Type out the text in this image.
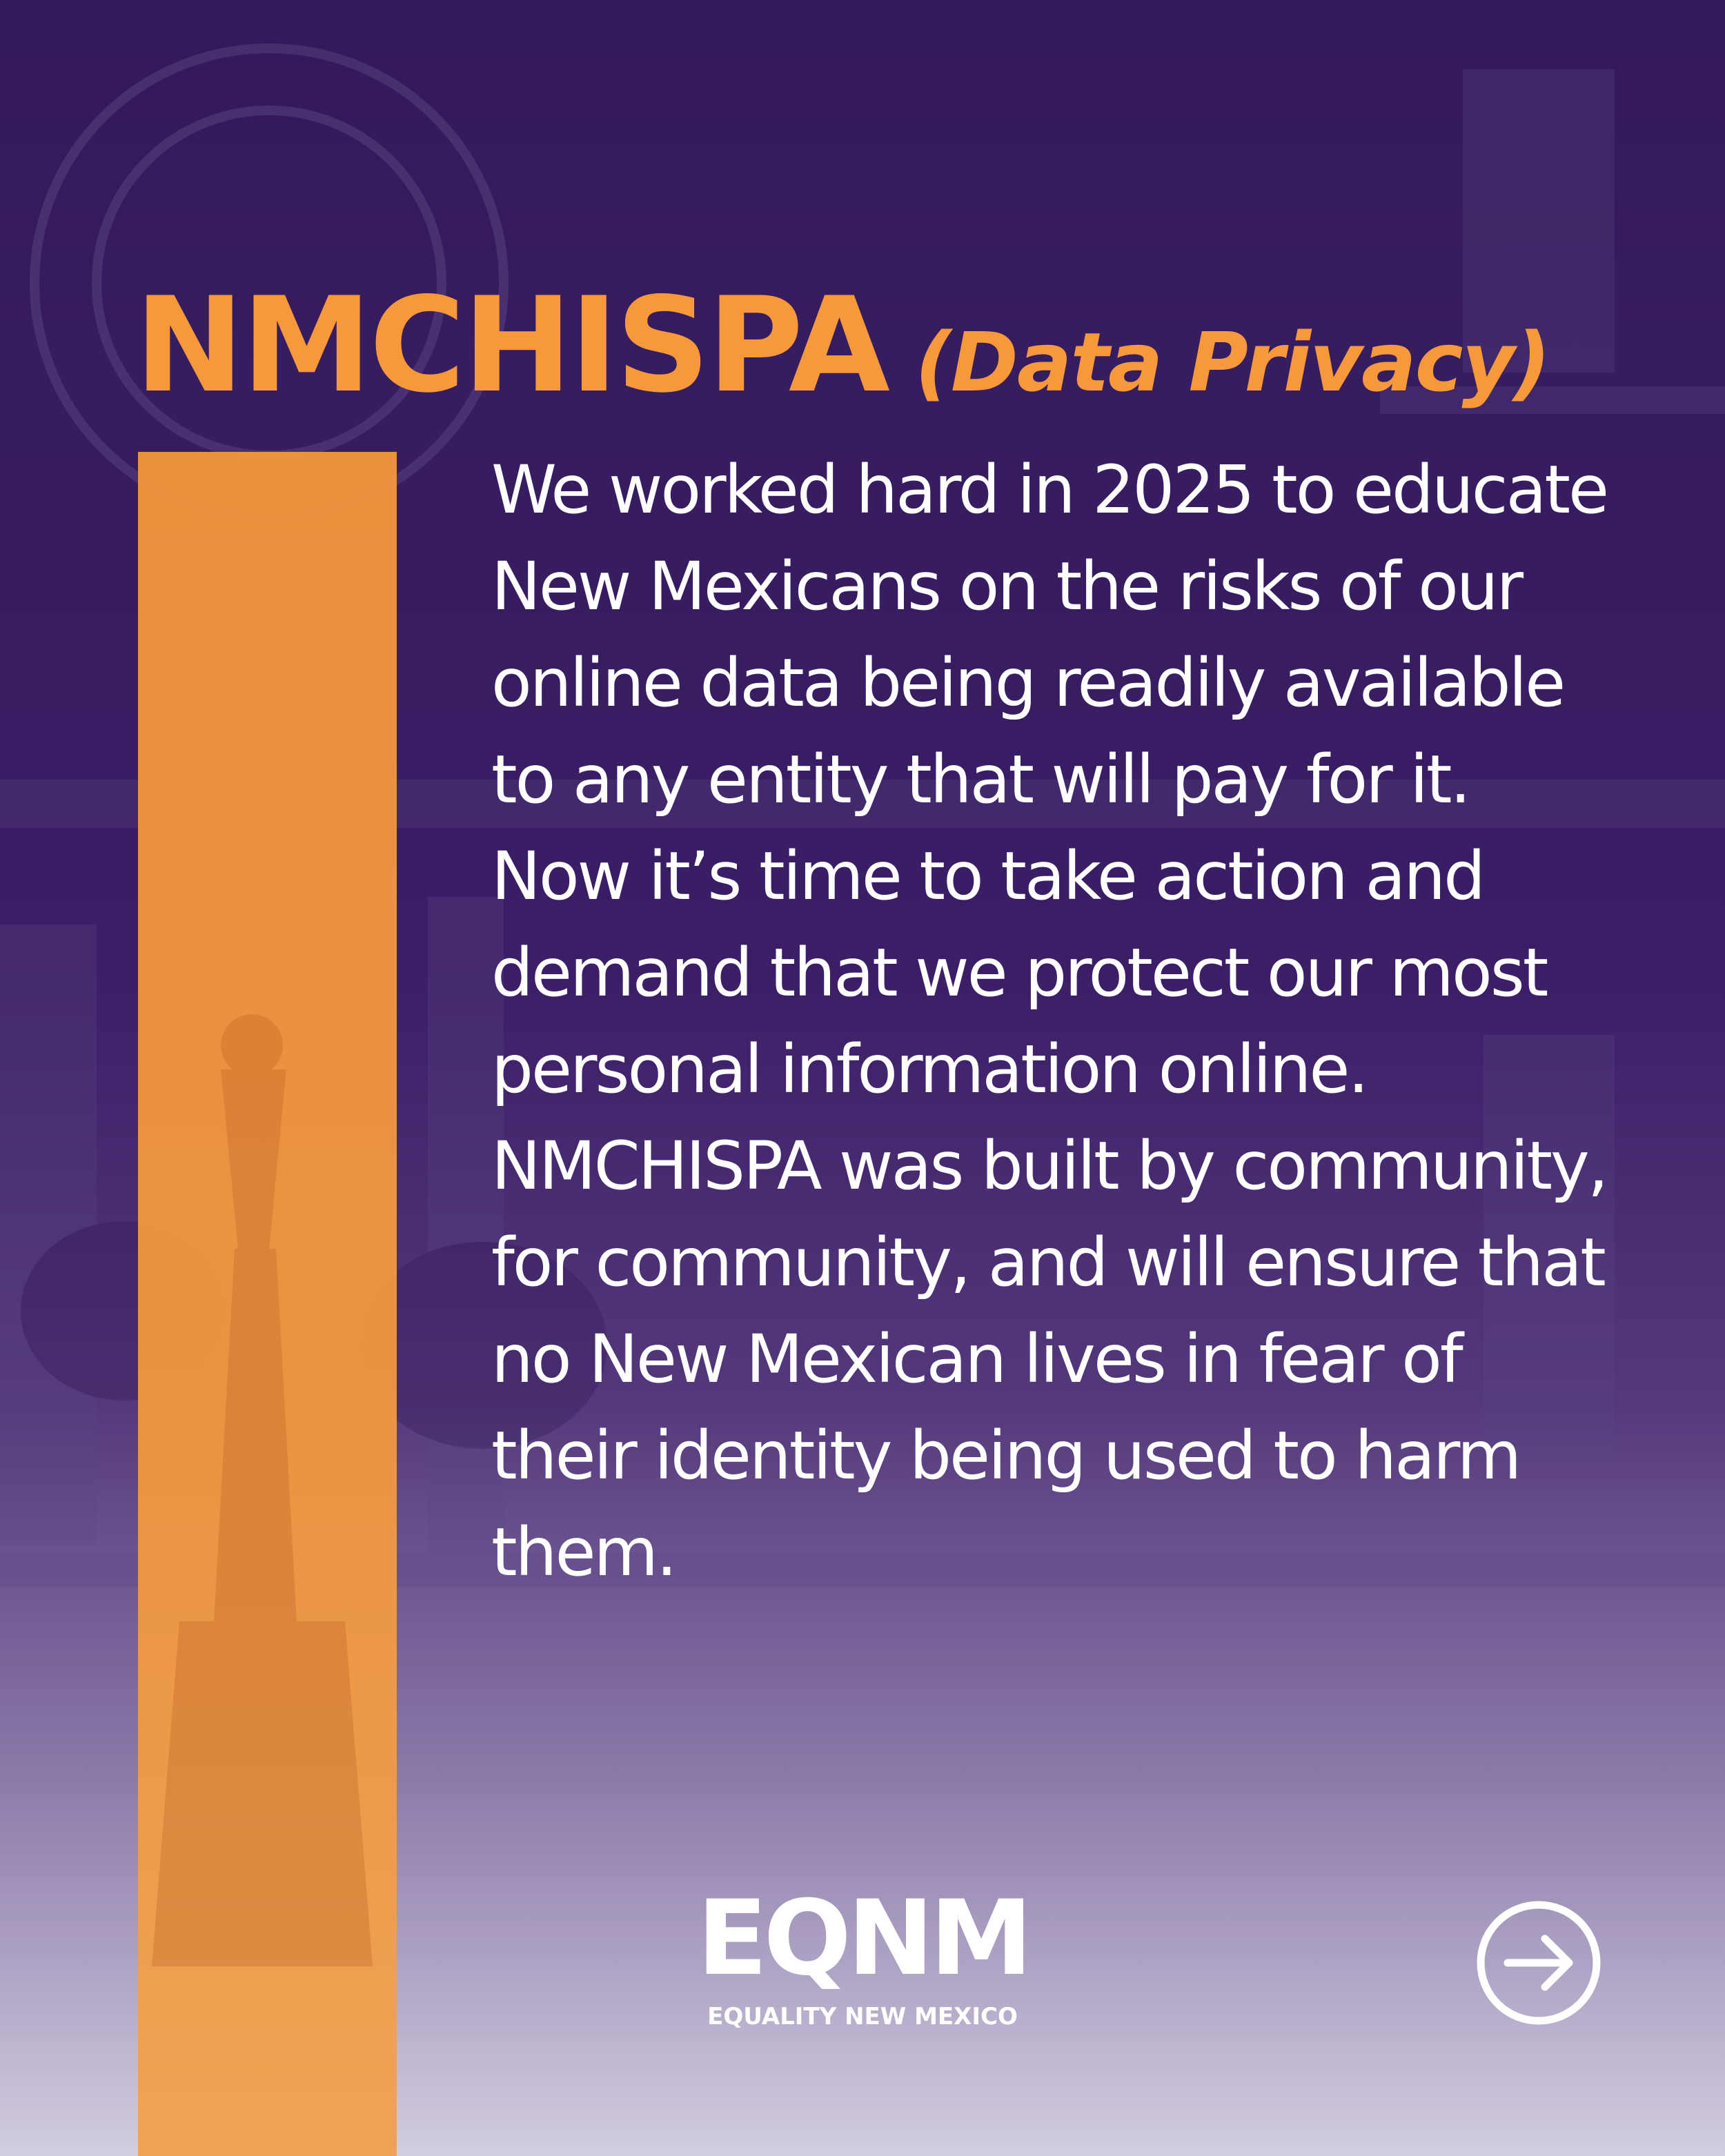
NMCHISPA (Data Privacy)

We worked hard in 2025 to educate New Mexicans on the risks of our online data being readily available to any entity that will pay for it. Now it’s time to take action and demand that we protect our most personal information online. NMCHISPA was built by community, for community, and will ensure that no New Mexican lives in fear of their identity being used to harm them.

EQNM
EQUALITY NEW MEXICO
